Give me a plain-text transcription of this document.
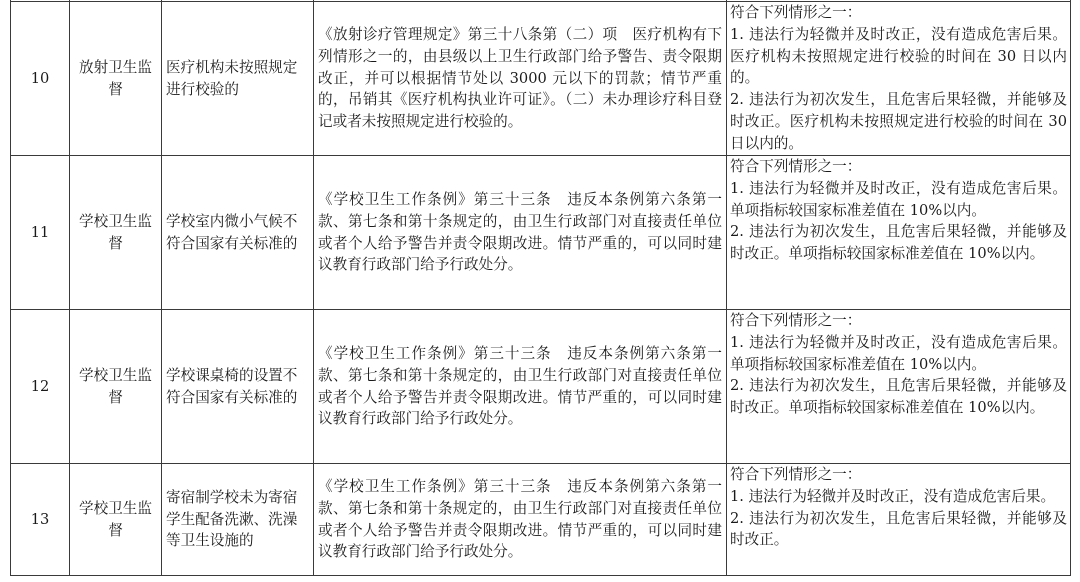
10	放射卫生监督	医疗机构未按照规定进行校验的	《放射诊疗管理规定》第三十八条第（二）项　医疗机构有下列情形之一的，由县级以上卫生行政部门给予警告、责令限期改正，并可以根据情节处以 3000 元以下的罚款；情节严重的，吊销其《医疗机构执业许可证》。（二）未办理诊疗科目登记或者未按照规定进行校验的。	符合下列情形之一：
1. 违法行为轻微并及时改正，没有造成危害后果。医疗机构未按照规定进行校验的时间在 30 日以内的。
2. 违法行为初次发生，且危害后果轻微，并能够及时改正。医疗机构未按照规定进行校验的时间在 30 日以内的。

11	学校卫生监督	学校室内微小气候不符合国家有关标准的	《学校卫生工作条例》第三十三条　违反本条例第六条第一款、第七条和第十条规定的，由卫生行政部门对直接责任单位或者个人给予警告并责令限期改进。情节严重的，可以同时建议教育行政部门给予行政处分。	符合下列情形之一：
1. 违法行为轻微并及时改正，没有造成危害后果。单项指标较国家标准差值在 10%以内。
2. 违法行为初次发生，且危害后果轻微，并能够及时改正。单项指标较国家标准差值在 10%以内。

12	学校卫生监督	学校课桌椅的设置不符合国家有关标准的	《学校卫生工作条例》第三十三条　违反本条例第六条第一款、第七条和第十条规定的，由卫生行政部门对直接责任单位或者个人给予警告并责令限期改进。情节严重的，可以同时建议教育行政部门给予行政处分。	符合下列情形之一：
1. 违法行为轻微并及时改正，没有造成危害后果。单项指标较国家标准差值在 10%以内。
2. 违法行为初次发生，且危害后果轻微，并能够及时改正。单项指标较国家标准差值在 10%以内。

13	学校卫生监督	寄宿制学校未为寄宿学生配备洗漱、洗澡等卫生设施的	《学校卫生工作条例》第三十三条　违反本条例第六条第一款、第七条和第十条规定的，由卫生行政部门对直接责任单位或者个人给予警告并责令限期改进。情节严重的，可以同时建议教育行政部门给予行政处分。	符合下列情形之一：
1. 违法行为轻微并及时改正，没有造成危害后果。
2. 违法行为初次发生，且危害后果轻微，并能够及时改正。
